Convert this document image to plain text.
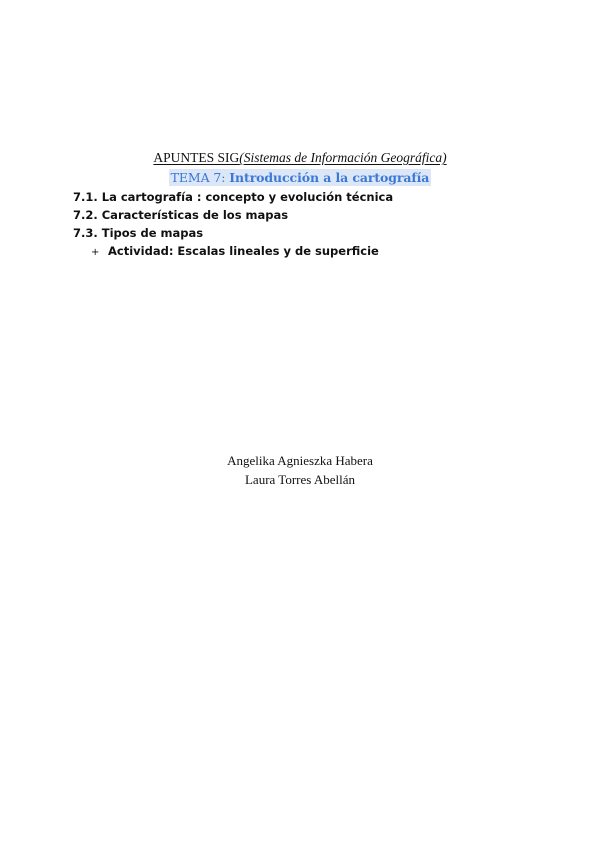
APUNTES SIG(Sistemas de Información Geográfica)
TEMA 7: Introducción a la cartografía
7.1. La cartografía : concepto y evolución técnica
7.2. Características de los mapas
7.3. Tipos de mapas
+ Actividad: Escalas lineales y de superficie
Angelika Agnieszka Habera
Laura Torres Abellán
